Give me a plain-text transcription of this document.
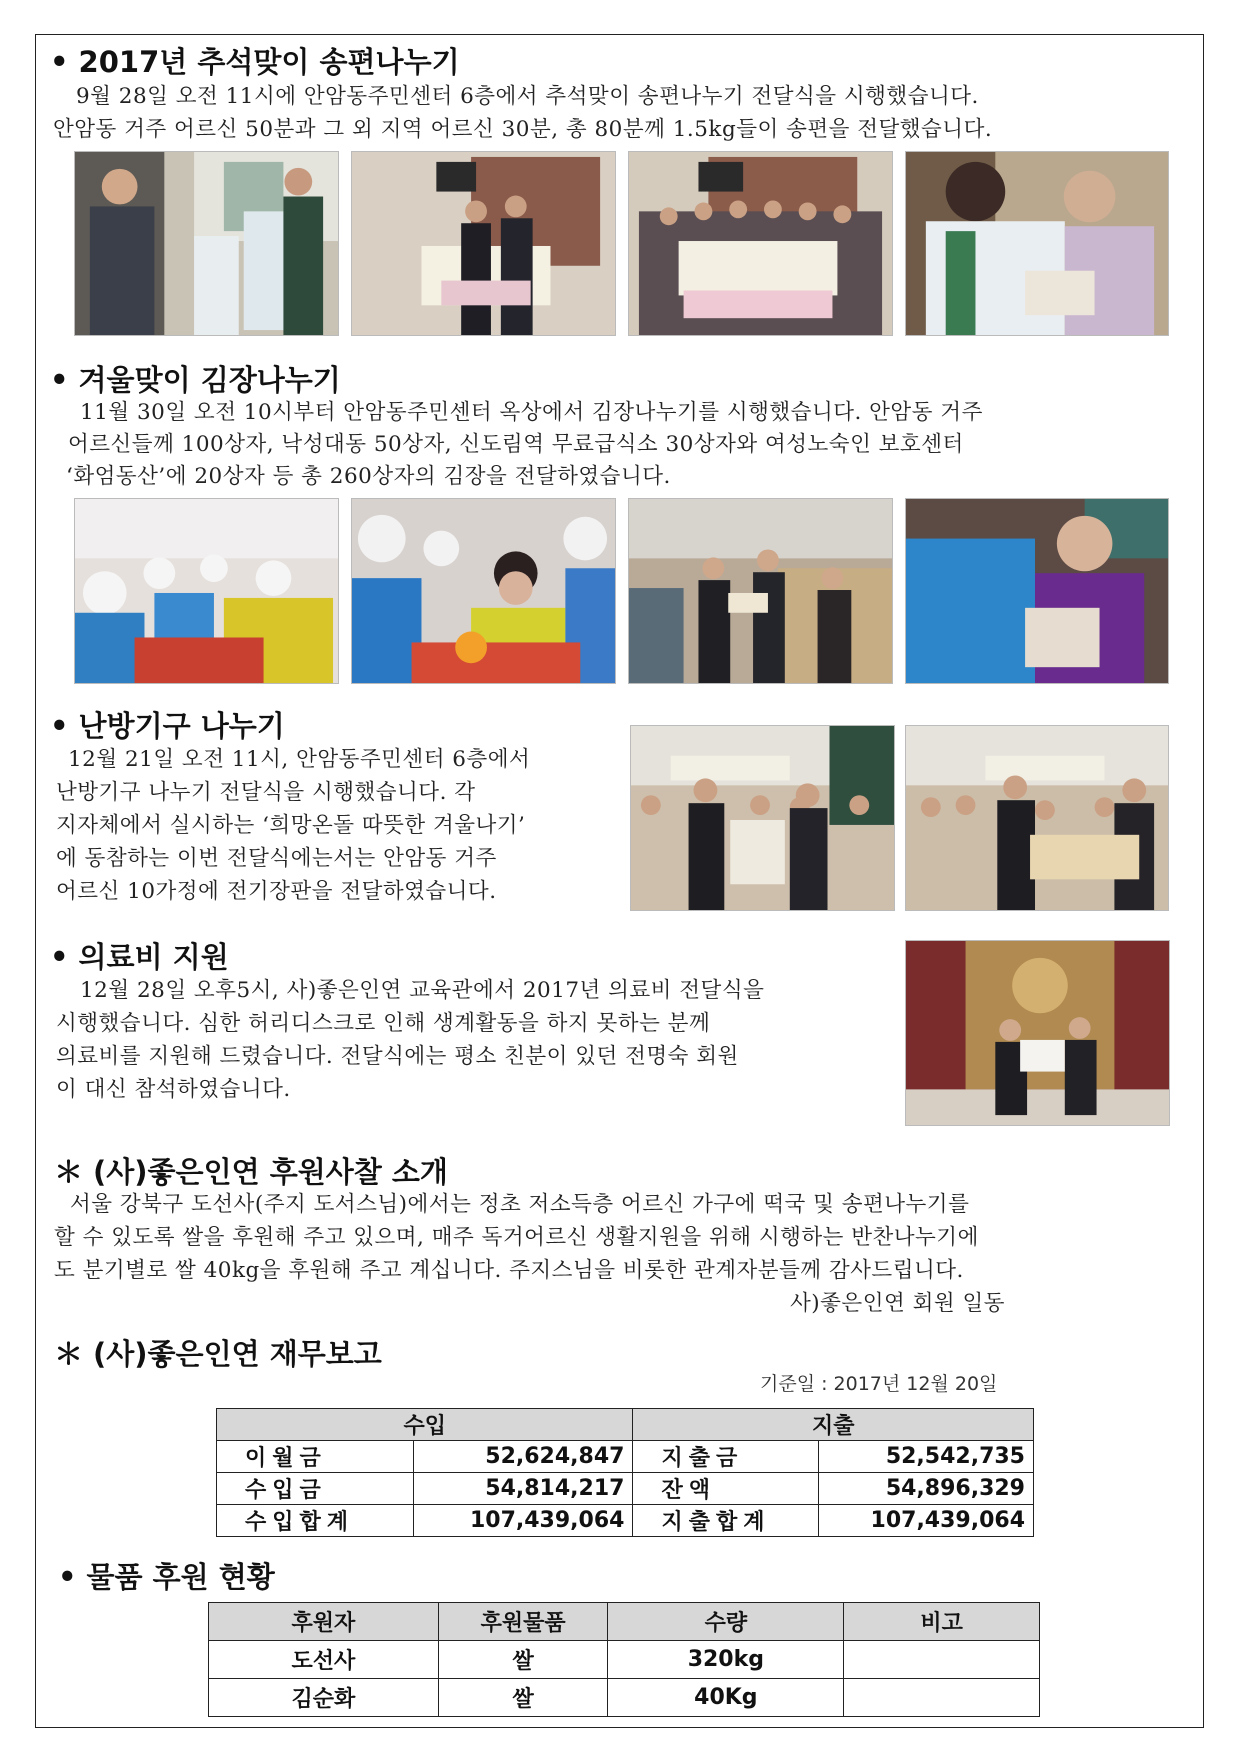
• 2017년 추석맞이 송편나누기
9월 28일 오전 11시에 안암동주민센터 6층에서 추석맞이 송편나누기 전달식을 시행했습니다.
안암동 거주 어르신 50분과 그 외 지역 어르신 30분, 총 80분께 1.5kg들이 송편을 전달했습니다.
• 겨울맞이 김장나누기
11월 30일 오전 10시부터 안암동주민센터 옥상에서 김장나누기를 시행했습니다. 안암동 거주
어르신들께 100상자, 낙성대동 50상자, 신도림역 무료급식소 30상자와 여성노숙인 보호센터
‘화엄동산’에 20상자 등 총 260상자의 김장을 전달하였습니다.
• 난방기구 나누기
12월 21일 오전 11시, 안암동주민센터 6층에서
난방기구 나누기 전달식을 시행했습니다. 각
지자체에서 실시하는 ‘희망온돌 따뜻한 겨울나기’
에 동참하는 이번 전달식에는서는 안암동 거주
어르신 10가정에 전기장판을 전달하였습니다.
• 의료비 지원
12월 28일 오후5시, 사)좋은인연 교육관에서 2017년 의료비 전달식을
시행했습니다. 심한 허리디스크로 인해 생계활동을 하지 못하는 분께
의료비를 지원해 드렸습니다. 전달식에는 평소 친분이 있던 전명숙 회원
이 대신 참석하였습니다.
＊ (사)좋은인연 후원사찰 소개
서울 강북구 도선사(주지 도서스님)에서는 정초 저소득층 어르신 가구에 떡국 및 송편나누기를
할 수 있도록 쌀을 후원해 주고 있으며, 매주 독거어르신 생활지원을 위해 시행하는 반찬나누기에
도 분기별로 쌀 40kg을 후원해 주고 계십니다. 주지스님을 비롯한 관계자분들께 감사드립니다.
사)좋은인연 회원 일동
＊ (사)좋은인연 재무보고
기준일 : 2017년 12월 20일
수입		지출	
이월금	52,624,847	지출금	52,542,735
수입금	54,814,217	잔액	54,896,329
수입합계	107,439,064	지출합계	107,439,064
• 물품 후원 현황
후원자	후원물품	수량	비고
도선사	쌀	320kg	
김순화	쌀	40Kg	
